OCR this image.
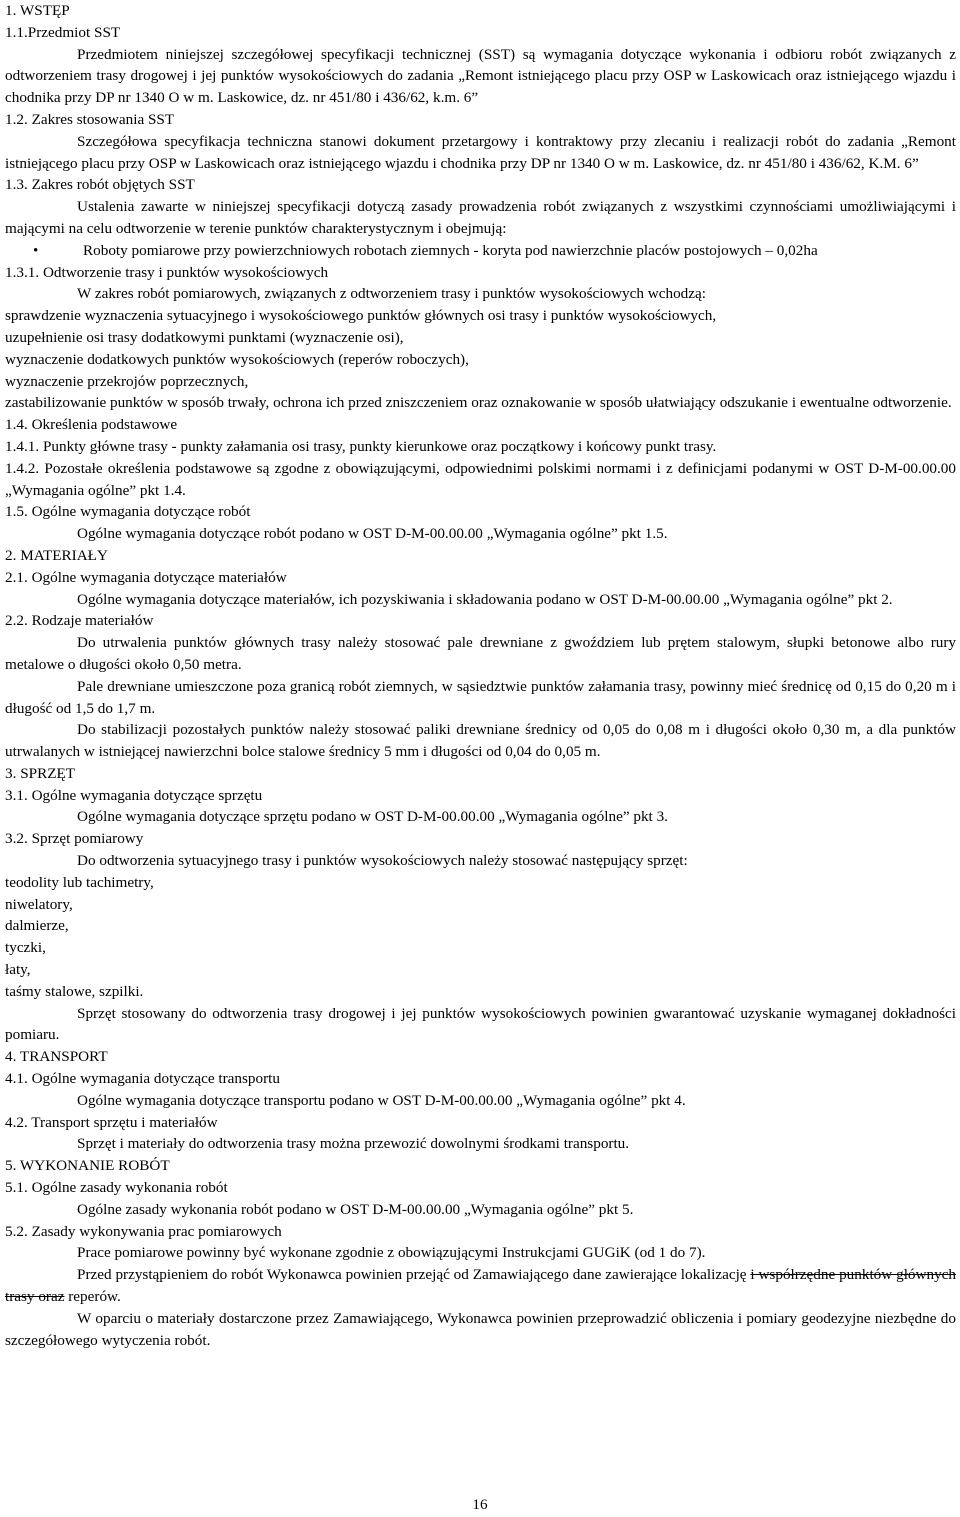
1. WSTĘP

1.1.Przedmiot SST

Przedmiotem niniejszej szczegółowej specyfikacji technicznej (SST) są wymagania dotyczące wykonania i odbioru robót związanych z odtworzeniem trasy drogowej i jej punktów wysokościowych do zadania „Remont istniejącego placu przy OSP w Laskowicach oraz istniejącego wjazdu i chodnika przy DP nr 1340 O w m. Laskowice, dz. nr 451/80 i 436/62, k.m. 6”

1.2. Zakres stosowania SST

Szczegółowa specyfikacja techniczna stanowi dokument przetargowy i kontraktowy przy zlecaniu i realizacji robót do zadania „Remont istniejącego placu przy OSP w Laskowicach oraz istniejącego wjazdu i chodnika przy DP nr 1340 O w m. Laskowice, dz. nr 451/80 i 436/62, K.M. 6”

1.3. Zakres robót objętych SST

Ustalenia zawarte w niniejszej specyfikacji dotyczą zasady prowadzenia robót związanych z wszystkimi czynnościami umożliwiającymi i mającymi na celu odtworzenie w terenie punktów charakterystycznym i obejmują:

•	Roboty pomiarowe przy powierzchniowych robotach ziemnych - koryta pod nawierzchnie placów postojowych – 0,02ha

1.3.1. Odtworzenie trasy i punktów wysokościowych

W zakres robót pomiarowych, związanych z odtworzeniem trasy i punktów wysokościowych wchodzą:

sprawdzenie wyznaczenia sytuacyjnego i wysokościowego punktów głównych osi trasy i punktów wysokościowych,

uzupełnienie osi trasy dodatkowymi punktami (wyznaczenie osi),

wyznaczenie dodatkowych punktów wysokościowych (reperów roboczych),

wyznaczenie przekrojów poprzecznych,

zastabilizowanie punktów w sposób trwały, ochrona ich przed zniszczeniem oraz oznakowanie w sposób ułatwiający odszukanie i ewentualne odtworzenie.

1.4. Określenia podstawowe

1.4.1. Punkty główne trasy - punkty załamania osi trasy, punkty kierunkowe oraz początkowy i końcowy punkt trasy.

1.4.2. Pozostałe określenia podstawowe są zgodne z obowiązującymi, odpowiednimi polskimi normami i z definicjami podanymi w OST D-M-00.00.00 „Wymagania ogólne” pkt 1.4.

1.5. Ogólne wymagania dotyczące robót

Ogólne wymagania dotyczące robót podano w OST D-M-00.00.00 „Wymagania ogólne” pkt 1.5.

2. MATERIAŁY

2.1. Ogólne wymagania dotyczące materiałów

Ogólne wymagania dotyczące materiałów, ich pozyskiwania i składowania podano w OST D-M-00.00.00 „Wymagania ogólne” pkt 2.

2.2. Rodzaje materiałów

Do utrwalenia punktów głównych trasy należy stosować pale drewniane z gwoździem lub prętem stalowym, słupki betonowe albo rury metalowe o długości około 0,50 metra.

Pale drewniane umieszczone poza granicą robót ziemnych, w sąsiedztwie punktów załamania trasy, powinny mieć średnicę od 0,15 do 0,20 m i długość od 1,5 do 1,7 m.

Do stabilizacji pozostałych punktów należy stosować paliki drewniane średnicy od 0,05 do 0,08 m i długości około 0,30 m, a dla punktów utrwalanych w istniejącej nawierzchni bolce stalowe średnicy 5 mm i długości od 0,04 do 0,05 m.

3. SPRZĘT

3.1. Ogólne wymagania dotyczące sprzętu

Ogólne wymagania dotyczące sprzętu podano w OST D-M-00.00.00 „Wymagania ogólne” pkt 3.

3.2. Sprzęt pomiarowy

Do odtworzenia sytuacyjnego trasy i punktów wysokościowych należy stosować następujący sprzęt:

teodolity lub tachimetry,

niwelatory,

dalmierze,

tyczki,

łaty,

taśmy stalowe, szpilki.

Sprzęt stosowany do odtworzenia trasy drogowej i jej punktów wysokościowych powinien gwarantować uzyskanie wymaganej dokładności pomiaru.

4. TRANSPORT

4.1. Ogólne wymagania dotyczące transportu

Ogólne wymagania dotyczące transportu podano w OST D-M-00.00.00 „Wymagania ogólne” pkt 4.

4.2. Transport sprzętu i materiałów

Sprzęt i materiały do odtworzenia trasy można przewozić dowolnymi środkami transportu.

5. WYKONANIE ROBÓT

5.1. Ogólne zasady wykonania robót

Ogólne zasady wykonania robót podano w OST D-M-00.00.00 „Wymagania ogólne” pkt 5.

5.2. Zasady wykonywania prac pomiarowych

Prace pomiarowe powinny być wykonane zgodnie z obowiązującymi Instrukcjami GUGiK (od 1 do 7).

Przed przystąpieniem do robót Wykonawca powinien przejąć od Zamawiającego dane zawierające lokalizację i współrzędne punktów głównych trasy oraz reperów.

W oparciu o materiały dostarczone przez Zamawiającego, Wykonawca powinien przeprowadzić obliczenia i pomiary geodezyjne niezbędne do szczegółowego wytyczenia robót.

16
